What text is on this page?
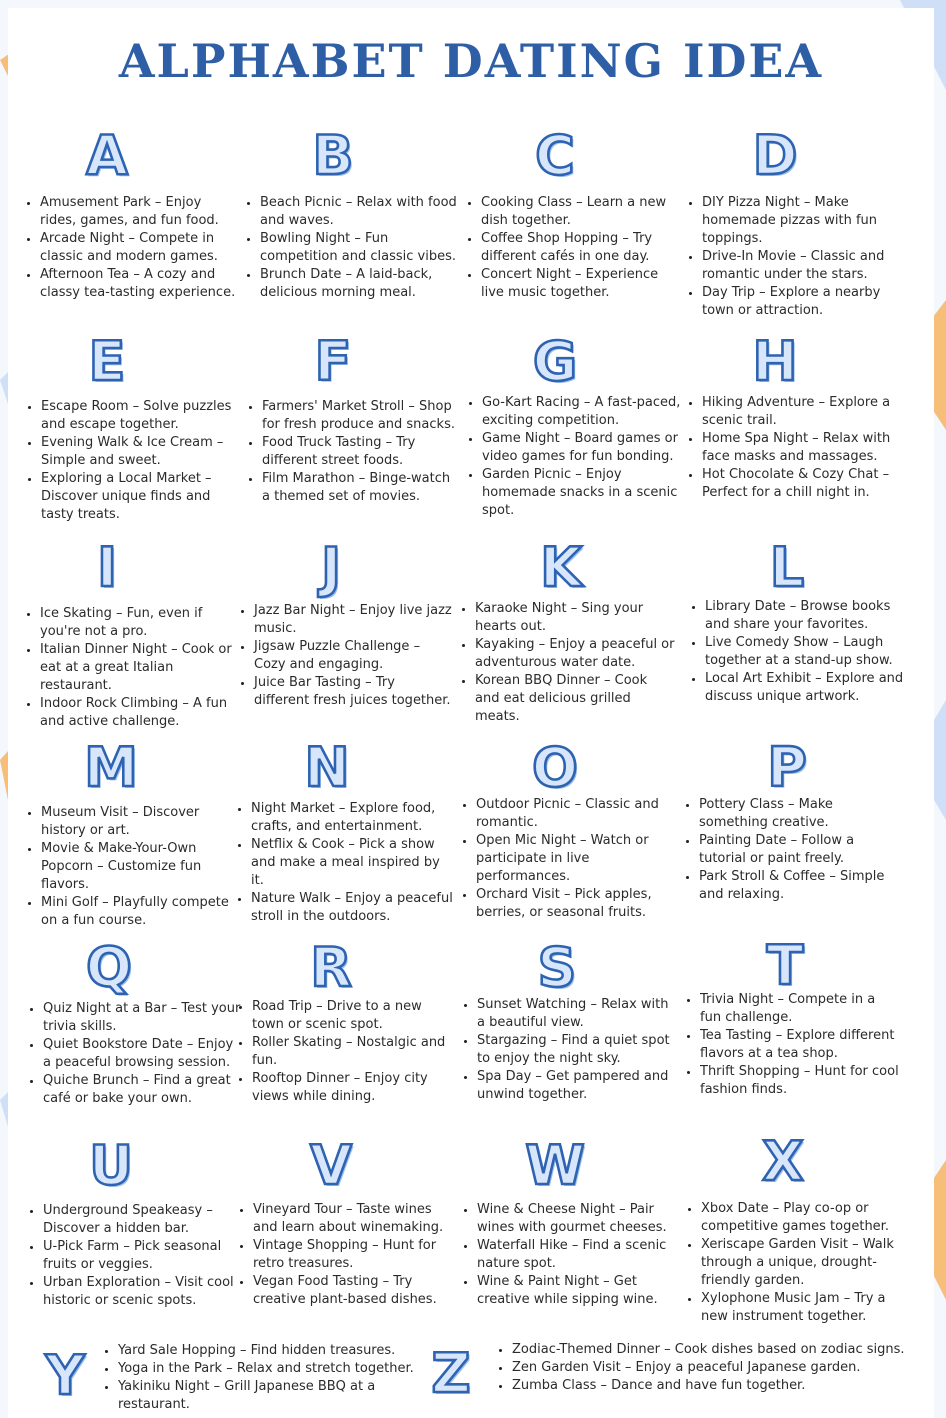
ALPHABET DATING IDEA
A
• Amusement Park – Enjoy rides, games, and fun food.
• Arcade Night – Compete in classic and modern games.
• Afternoon Tea – A cozy and classy tea-tasting experience.
B
• Beach Picnic – Relax with food and waves.
• Bowling Night – Fun competition and classic vibes.
• Brunch Date – A laid-back, delicious morning meal.
C
• Cooking Class – Learn a new dish together.
• Coffee Shop Hopping – Try different cafés in one day.
• Concert Night – Experience live music together.
D
• DIY Pizza Night – Make homemade pizzas with fun toppings.
• Drive-In Movie – Classic and romantic under the stars.
• Day Trip – Explore a nearby town or attraction.
E
• Escape Room – Solve puzzles and escape together.
• Evening Walk & Ice Cream – Simple and sweet.
• Exploring a Local Market – Discover unique finds and tasty treats.
F
• Farmers' Market Stroll – Shop for fresh produce and snacks.
• Food Truck Tasting – Try different street foods.
• Film Marathon – Binge-watch a themed set of movies.
G
• Go-Kart Racing – A fast-paced, exciting competition.
• Game Night – Board games or video games for fun bonding.
• Garden Picnic – Enjoy homemade snacks in a scenic spot.
H
• Hiking Adventure – Explore a scenic trail.
• Home Spa Night – Relax with face masks and massages.
• Hot Chocolate & Cozy Chat – Perfect for a chill night in.
I
• Ice Skating – Fun, even if you're not a pro.
• Italian Dinner Night – Cook or eat at a great Italian restaurant.
• Indoor Rock Climbing – A fun and active challenge.
J
• Jazz Bar Night – Enjoy live jazz music.
• Jigsaw Puzzle Challenge – Cozy and engaging.
• Juice Bar Tasting – Try different fresh juices together.
K
• Karaoke Night – Sing your hearts out.
• Kayaking – Enjoy a peaceful or adventurous water date.
• Korean BBQ Dinner – Cook and eat delicious grilled meats.
L
• Library Date – Browse books and share your favorites.
• Live Comedy Show – Laugh together at a stand-up show.
• Local Art Exhibit – Explore and discuss unique artwork.
M
• Museum Visit – Discover history or art.
• Movie & Make-Your-Own Popcorn – Customize fun flavors.
• Mini Golf – Playfully compete on a fun course.
N
• Night Market – Explore food, crafts, and entertainment.
• Netflix & Cook – Pick a show and make a meal inspired by it.
• Nature Walk – Enjoy a peaceful stroll in the outdoors.
O
• Outdoor Picnic – Classic and romantic.
• Open Mic Night – Watch or participate in live performances.
• Orchard Visit – Pick apples, berries, or seasonal fruits.
P
• Pottery Class – Make something creative.
• Painting Date – Follow a tutorial or paint freely.
• Park Stroll & Coffee – Simple and relaxing.
Q
• Quiz Night at a Bar – Test your trivia skills.
• Quiet Bookstore Date – Enjoy a peaceful browsing session.
• Quiche Brunch – Find a great café or bake your own.
R
• Road Trip – Drive to a new town or scenic spot.
• Roller Skating – Nostalgic and fun.
• Rooftop Dinner – Enjoy city views while dining.
S
• Sunset Watching – Relax with a beautiful view.
• Stargazing – Find a quiet spot to enjoy the night sky.
• Spa Day – Get pampered and unwind together.
T
• Trivia Night – Compete in a fun challenge.
• Tea Tasting – Explore different flavors at a tea shop.
• Thrift Shopping – Hunt for cool fashion finds.
U
• Underground Speakeasy – Discover a hidden bar.
• U-Pick Farm – Pick seasonal fruits or veggies.
• Urban Exploration – Visit cool historic or scenic spots.
V
• Vineyard Tour – Taste wines and learn about winemaking.
• Vintage Shopping – Hunt for retro treasures.
• Vegan Food Tasting – Try creative plant-based dishes.
W
• Wine & Cheese Night – Pair wines with gourmet cheeses.
• Waterfall Hike – Find a scenic nature spot.
• Wine & Paint Night – Get creative while sipping wine.
X
• Xbox Date – Play co-op or competitive games together.
• Xeriscape Garden Visit – Walk through a unique, drought-friendly garden.
• Xylophone Music Jam – Try a new instrument together.
Y	• Yard Sale Hopping – Find hidden treasures.
• Yoga in the Park – Relax and stretch together.
• Yakiniku Night – Grill Japanese BBQ at a restaurant.	Z	• Zodiac-Themed Dinner – Cook dishes based on zodiac signs.
• Zen Garden Visit – Enjoy a peaceful Japanese garden.
• Zumba Class – Dance and have fun together.
